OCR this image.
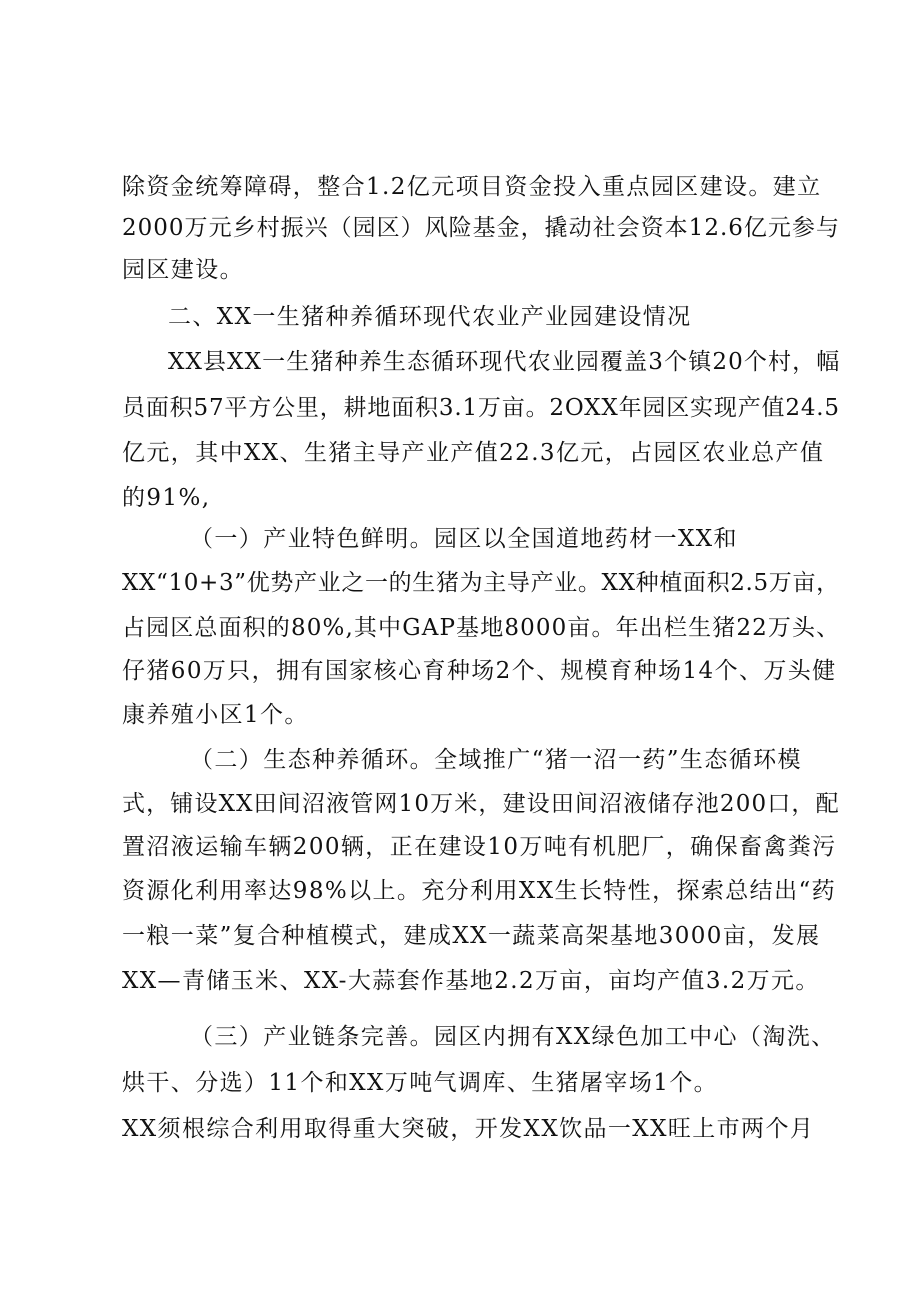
除资金统筹障碍，整合1.2亿元项目资金投入重点园区建设。建立
2000万元乡村振兴（园区）风险基金，撬动社会资本12.6亿元参与
园区建设。
二、XX一生猪种养循环现代农业产业园建设情况
XX县XX一生猪种养生态循环现代农业园覆盖3个镇20个村，幅
员面积57平方公里，耕地面积3.1万亩。2OXX年园区实现产值24.5
亿元，其中XX、生猪主导产业产值22.3亿元，占园区农业总产值
的91%,
（一）产业特色鲜明。园区以全国道地药材一XX和
XX“10+3”优势产业之一的生猪为主导产业。XX种植面积2.5万亩，
占园区总面积的80%,其中GAP基地8000亩。年出栏生猪22万头、
仔猪60万只，拥有国家核心育种场2个、规模育种场14个、万头健
康养殖小区1个。
（二）生态种养循环。全域推广“猪一沼一药”生态循环模
式，铺设XX田间沼液管网10万米，建设田间沼液储存池200口，配
置沼液运输车辆200辆，正在建设10万吨有机肥厂，确保畜禽粪污
资源化利用率达98%以上。充分利用XX生长特性，探索总结出“药
一粮一菜”复合种植模式，建成XX一蔬菜高架基地3000亩，发展
XX—青储玉米、XX-大蒜套作基地2.2万亩，亩均产值3.2万元。
（三）产业链条完善。园区内拥有XX绿色加工中心（淘洗、
烘干、分选）11个和XX万吨气调库、生猪屠宰场1个。
XX须根综合利用取得重大突破，开发XX饮品一XX旺上市两个月
